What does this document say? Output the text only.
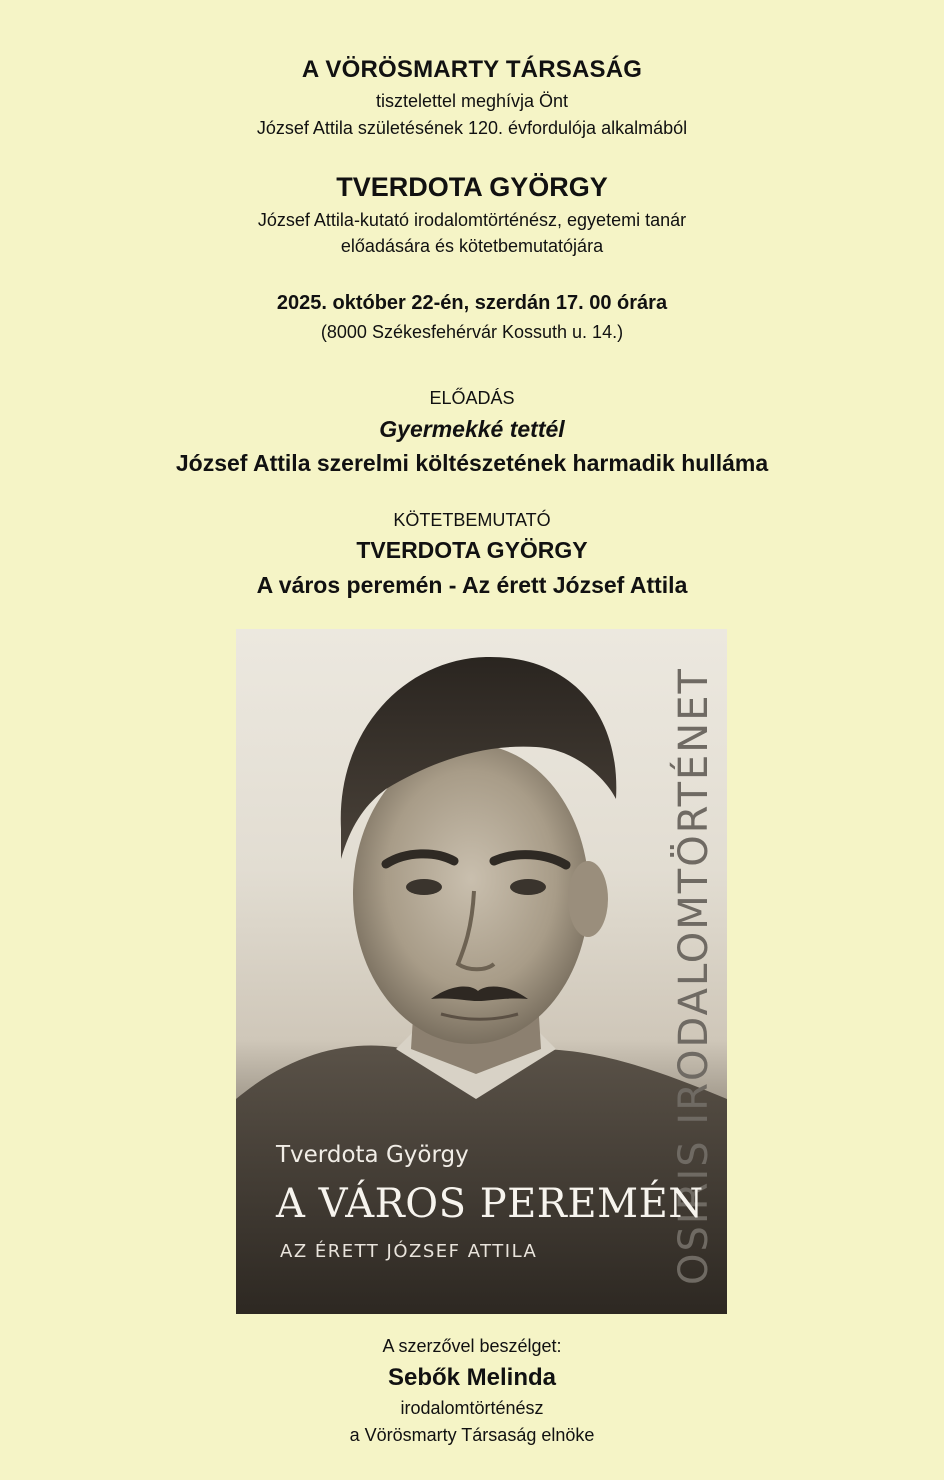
A VÖRÖSMARTY TÁRSASÁG
tisztelettel meghívja Önt
József Attila születésének 120. évfordulója alkalmából
TVERDOTA GYÖRGY
József Attila-kutató irodalomtörténész, egyetemi tanár
előadására és kötetbemutatójára
2025. október 22-én, szerdán 17. 00 órára
(8000 Székesfehérvár Kossuth u. 14.)
ELŐADÁS
Gyermekké tettél
József Attila szerelmi költészetének harmadik hulláma
KÖTETBEMUTATÓ
TVERDOTA GYÖRGY
A város peremén - Az érett József Attila
OSIRIS IRODALOMTÖRTÉNET
Tverdota György
A VÁROS PEREMÉN
AZ ÉRETT JÓZSEF ATTILA
A szerzővel beszélget:
Sebők Melinda
irodalomtörténész
a Vörösmarty Társaság elnöke
